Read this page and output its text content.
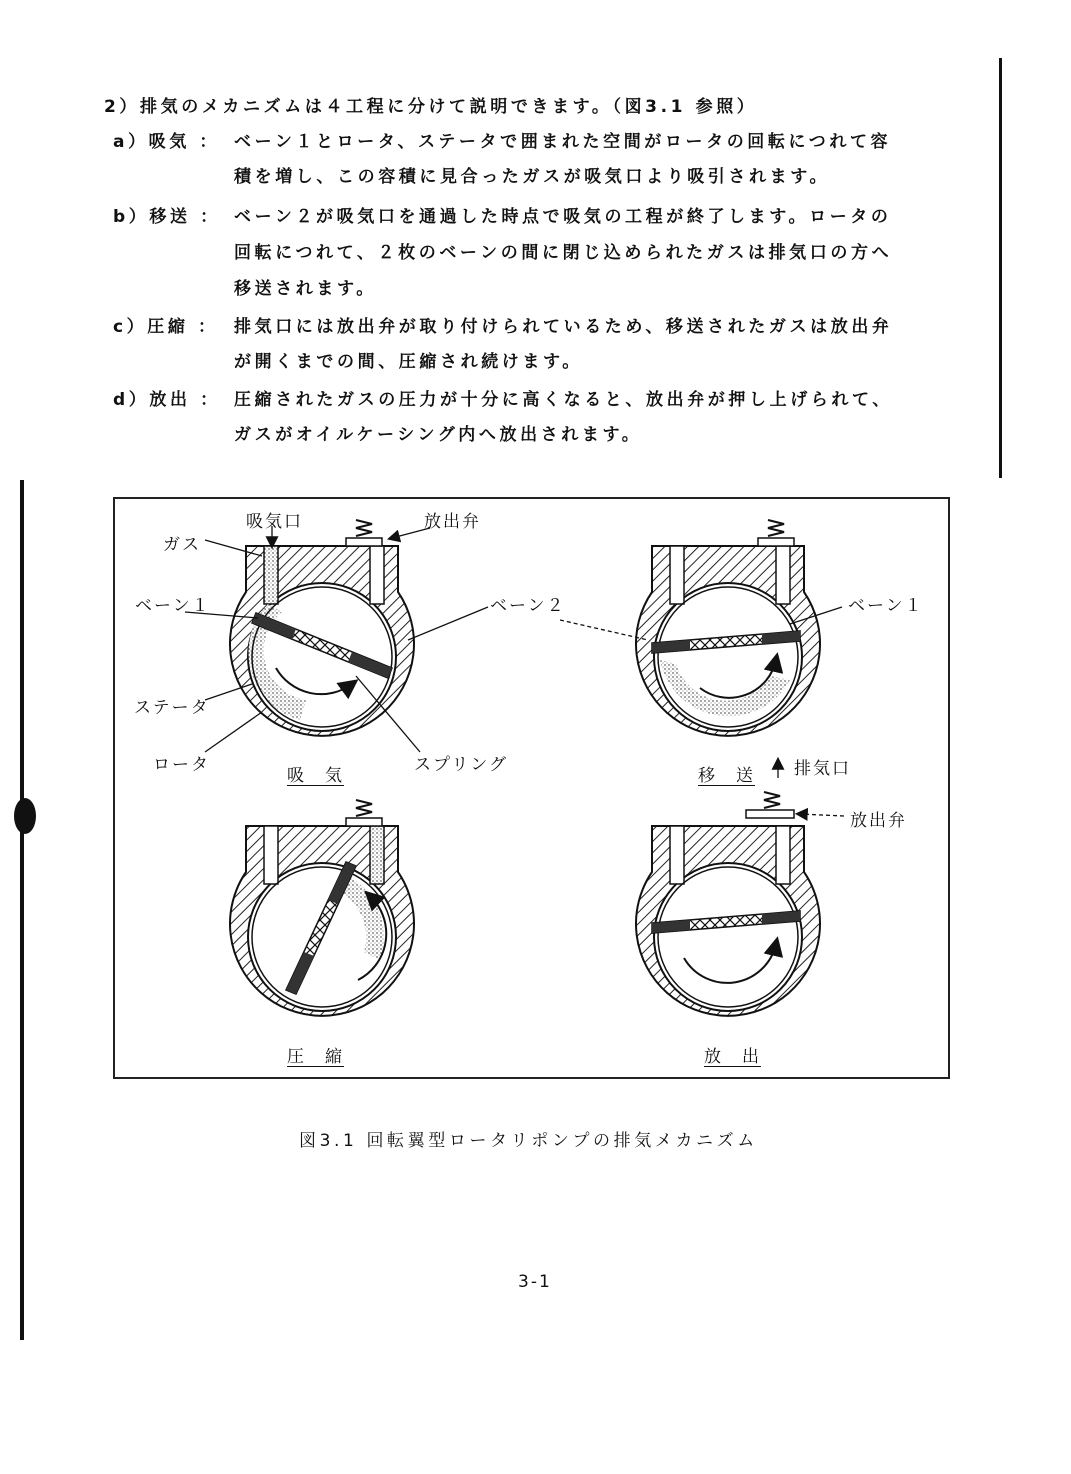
2）排気のメカニズムは４工程に分けて説明できます。（図3.1 参照）
a）吸気 ： ベーン１とロータ、ステータで囲まれた空間がロータの回転につれて容
積を増し、この容積に見合ったガスが吸気口より吸引されます。
b）移送 ： ベーン２が吸気口を通過した時点で吸気の工程が終了します。ロータの
回転につれて、２枚のベーンの間に閉じ込められたガスは排気口の方へ
移送されます。
c）圧縮 ： 排気口には放出弁が取り付けられているため、移送されたガスは放出弁
が開くまでの間、圧縮され続けます。
d）放出 ： 圧縮されたガスの圧力が十分に高くなると、放出弁が押し上げられて、
ガスがオイルケーシング内へ放出されます。
吸気口	放出弁
ガス
ベーン１	ベーン２	ベーン１
ステータ
ロータ	スプリング
吸　気	移　送 排気口
放出弁
圧　縮	放　出
図3.1 回転翼型ロータリポンプの排気メカニズム
3-1
